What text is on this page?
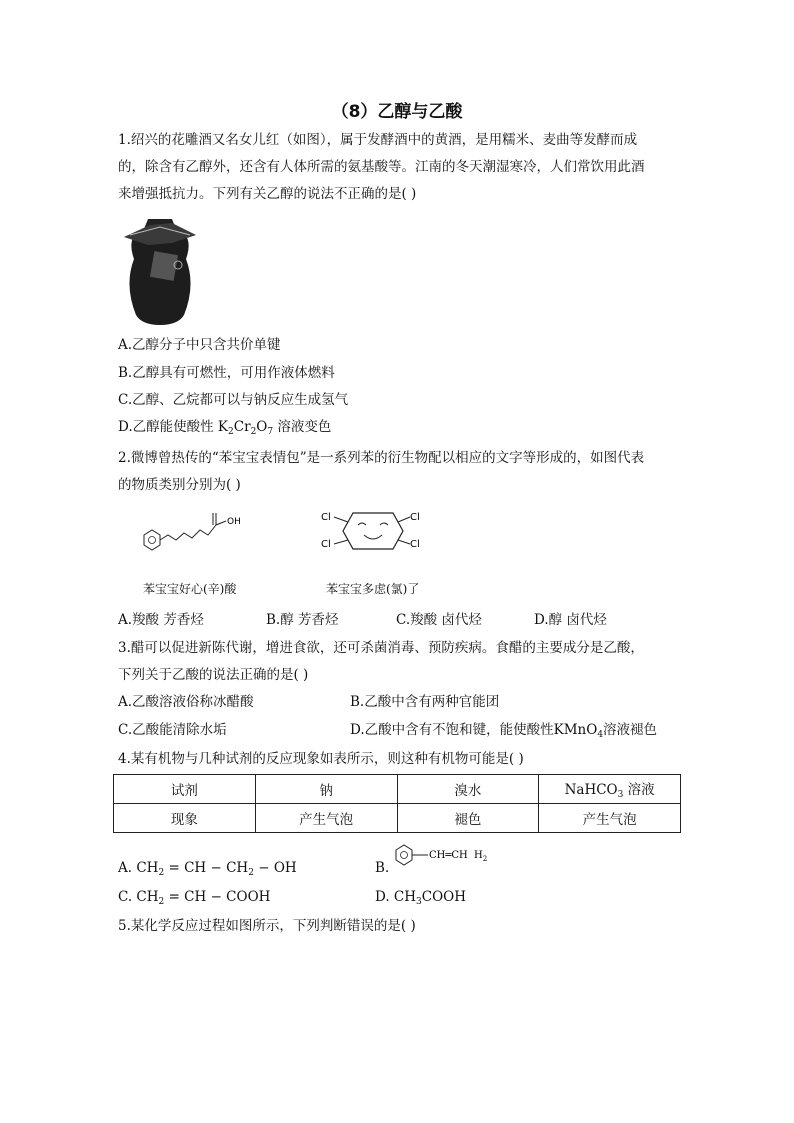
（8）乙醇与乙酸
1.绍兴的花雕酒又名女儿红（如图），属于发酵酒中的黄酒，是用糯米、麦曲等发酵而成
的，除含有乙醇外，还含有人体所需的氨基酸等。江南的冬天潮湿寒冷，人们常饮用此酒
来增强抵抗力。下列有关乙醇的说法不正确的是( )
A.乙醇分子中只含共价单键
B.乙醇具有可燃性，可用作液体燃料
C.乙醇、乙烷都可以与钠反应生成氢气
D.乙醇能使酸性 $K_2Cr_2O_7$ 溶液变色
2.微博曾热传的“苯宝宝表情包”是一系列苯的衍生物配以相应的文字等形成的，如图代表
的物质类别分别为( )
OH	Cl
Cl
Cl
Cl
苯宝宝好心(辛)酸	苯宝宝多虑(氯)了
A.羧酸 芳香烃	B.醇 芳香烃	C.羧酸 卤代烃	D.醇 卤代烃
3.醋可以促进新陈代谢，增进食欲，还可杀菌消毒、预防疾病。食醋的主要成分是乙酸，
下列关于乙酸的说法正确的是( )
A.乙酸溶液俗称冰醋酸	B.乙酸中含有两种官能团
C.乙酸能清除水垢	D.乙酸中含有不饱和键，能使酸性KMnO$_4$溶液褪色
4.某有机物与几种试剂的反应现象如表所示，则这种有机物可能是( )
试剂	钠	溴水	NaHCO$_3$ 溶液
现象	产生气泡	褪色	产生气泡
A. $CH_2$ = CH − $CH_2$ − OH	B.
CH═CH $H_2$
C. $CH_2$ = CH − COOH	D. $CH_3COOH$
5.某化学反应过程如图所示，下列判断错误的是( )
